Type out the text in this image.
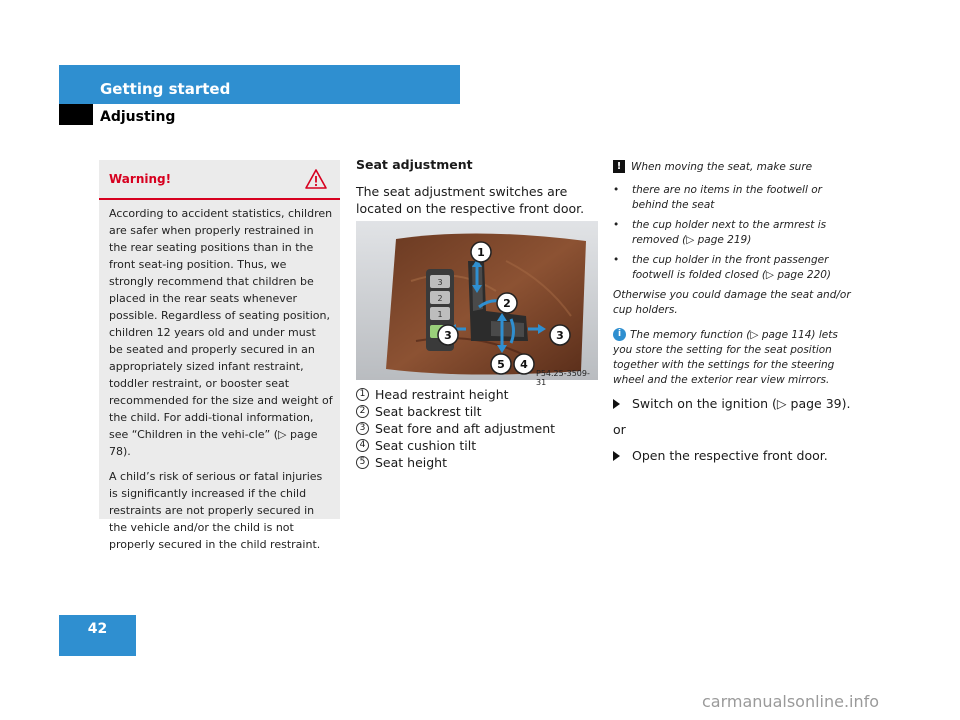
Getting started
Adjusting
Warning!

According to accident statistics, children are safer when properly restrained in the rear seating positions than in the front seat-ing position. Thus, we strongly recommend that children be placed in the rear seats whenever possible. Regardless of seating position, children 12 years old and under must be seated and properly secured in an appropriately sized infant restraint, toddler restraint, or booster seat recommended for the size and weight of the child. For addi-tional information, see “Children in the vehi-cle” (▷ page 78).

A child’s risk of serious or fatal injuries is significantly increased if the child restraints are not properly secured in the vehicle and/or the child is not properly secured in the child restraint.

Seat adjustment

The seat adjustment switches are located on the respective front door.

3
2
1
1
2
3	3
4
5
P54.25-3509-31
1 Head restraint height
2 Seat backrest tilt
3 Seat fore and aft adjustment
4 Seat cushion tilt
5 Seat height

! When moving the seat, make sure

•	there are no items in the footwell or behind the seat
•	the cup holder next to the armrest is removed (▷ page 219)
•	the cup holder in the front passenger footwell is folded closed (▷ page 220)

Otherwise you could damage the seat and/or cup holders.

i The memory function (▷ page 114) lets you store the setting for the seat position together with the settings for the steering wheel and the exterior rear view mirrors.

Switch on the ignition (▷ page 39).
or
Open the respective front door.
42
carmanualsonline.info
